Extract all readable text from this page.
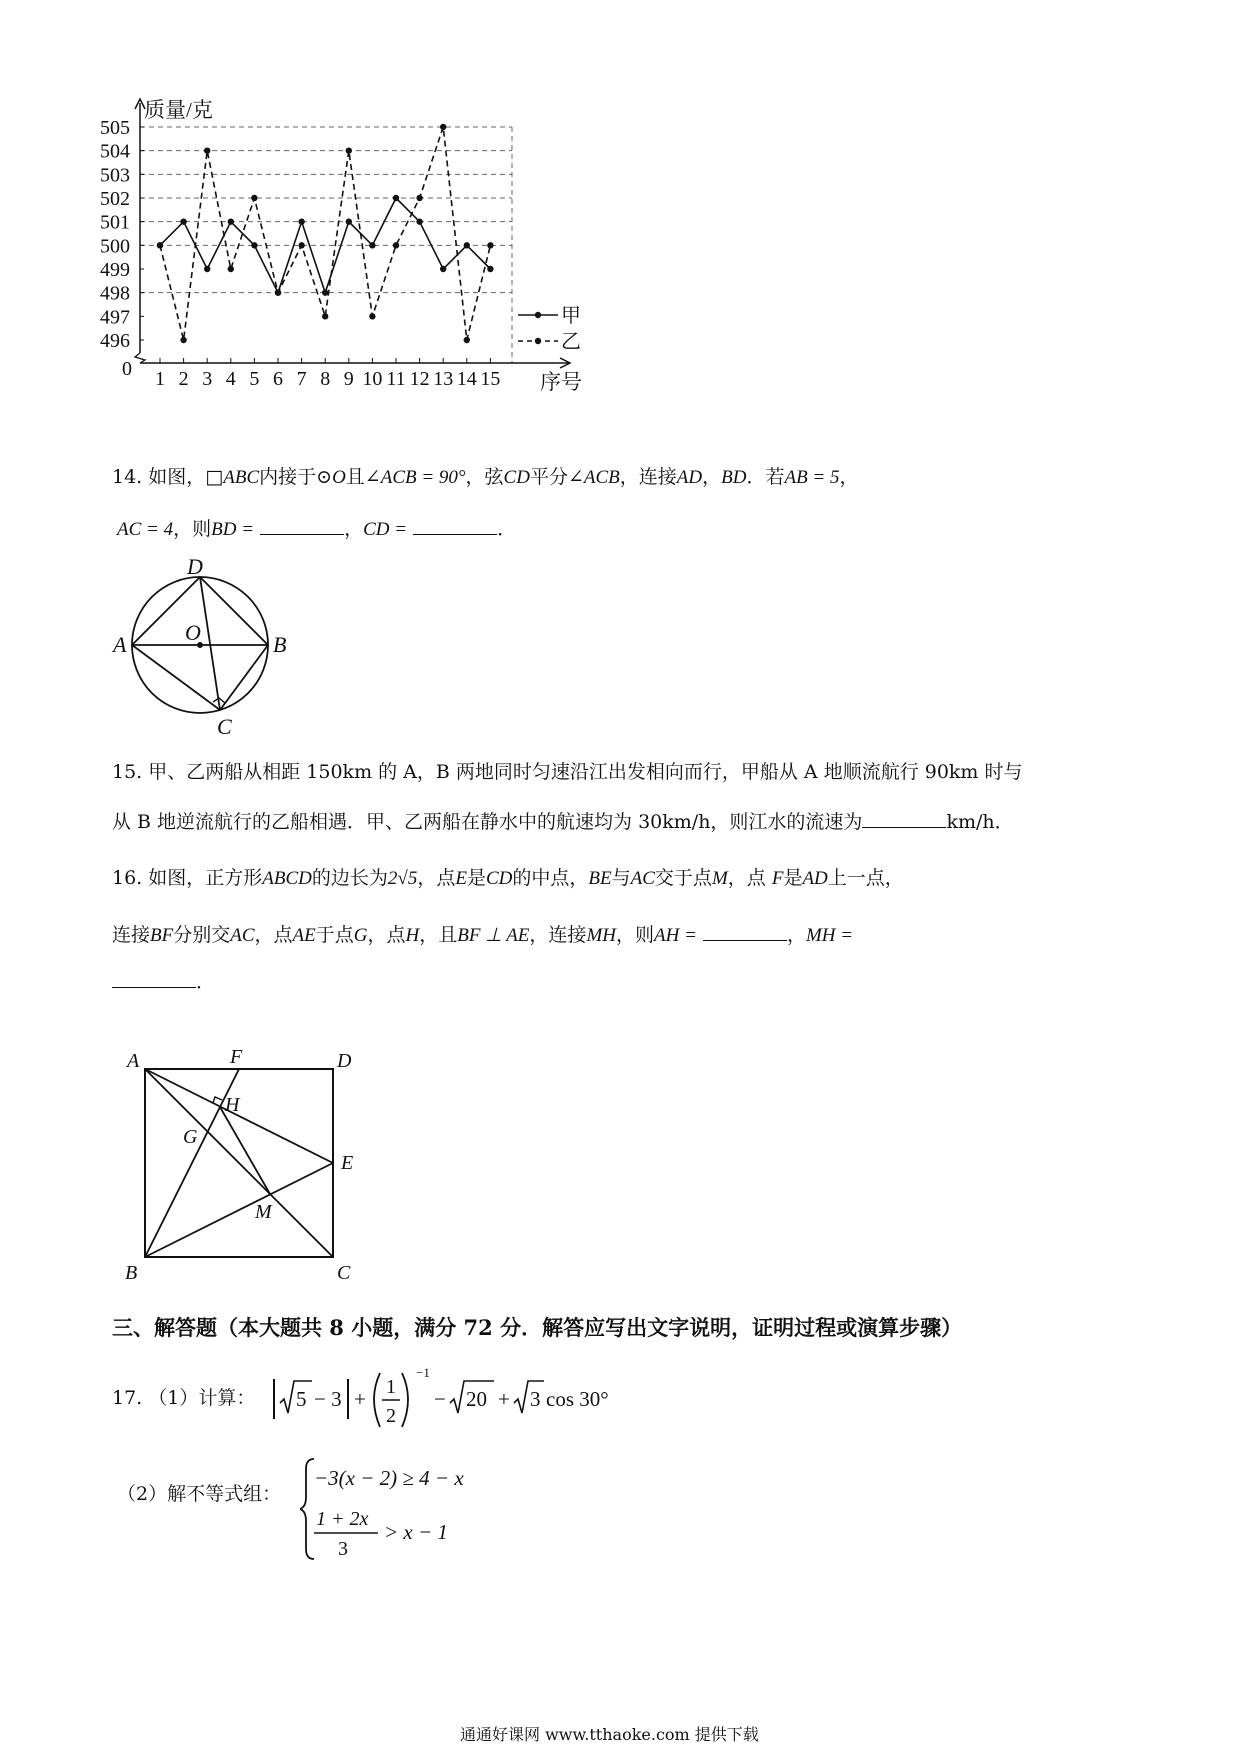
496
497
498
499
500
501
502
503
504
505
0 1 2 3 4 5 6 7 8 9 10 11 12 13 14 15
质量/克
序号
甲
乙
14. 如图，□ABC内接于⊙O且∠ACB = 90°，弦CD平分∠ACB，连接AD，BD．若AB = 5，
AC = 4，则BD =	，CD =	．
D
A	B
O
C
15. 甲、乙两船从相距 150km 的 A，B 两地同时匀速沿江出发相向而行，甲船从 A 地顺流航行 90km 时与
从 B 地逆流航行的乙船相遇．甲、乙两船在静水中的航速均为 30km/h，则江水的流速为	km/h．
16. 如图，正方形ABCD的边长为2√5，点E是CD的中点，BE与AC交于点M，点 F是AD上一点，
连接BF分别交AC，点AE于点G，点H，且BF ⊥ AE，连接MH，则AH =	，MH =
．
A	F	D
H
G
E
M
B	C
三、解答题（本大题共 8 小题，满分 72 分．解答应写出文字说明，证明过程或演算步骤）
17. （1）计算： 5 − 3 + 1
2
−1
− 20 + 3 cos 30°
（2）解不等式组：
−3(x − 2) ≥ 4 − x
1 + 2x
3
> x − 1
通通好课网 www.tthaoke.com 提供下载
